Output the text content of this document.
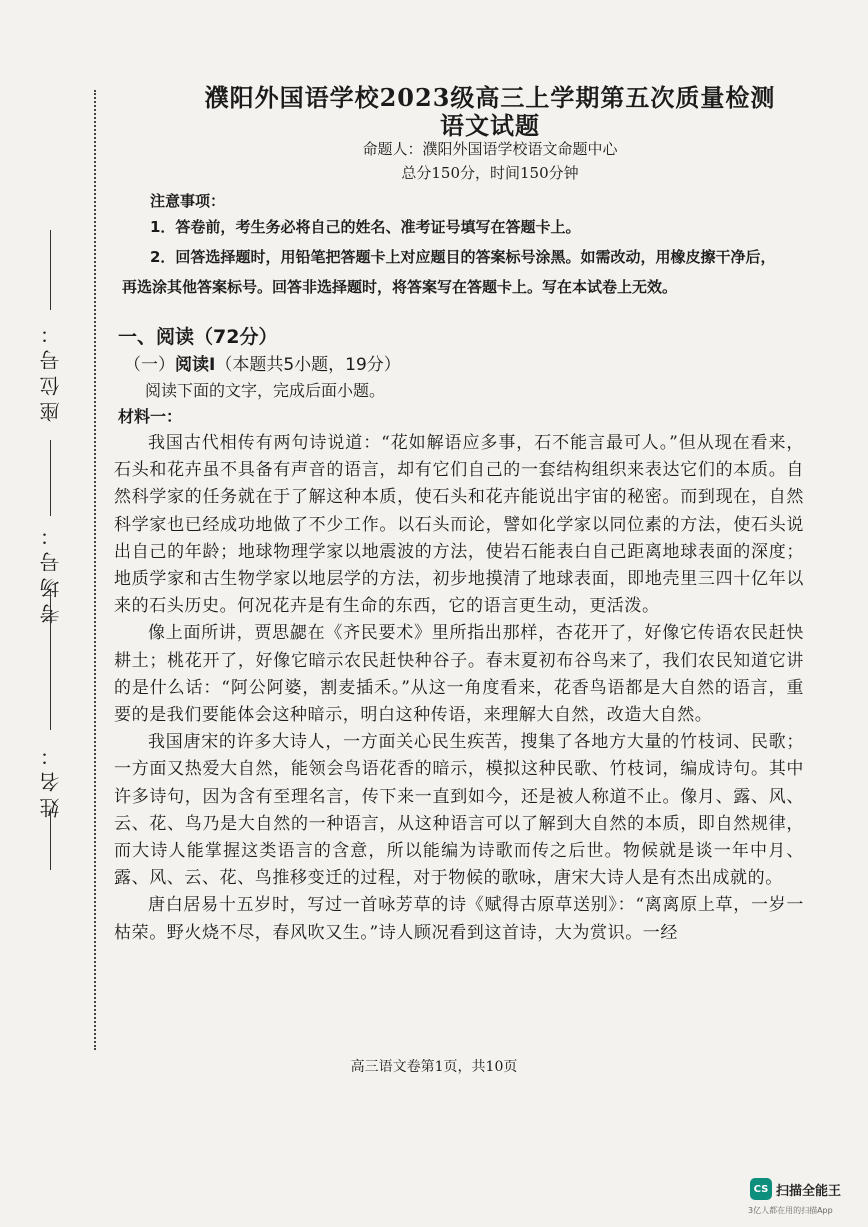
座位号：
考场号：
姓名：
濮阳外国语学校2023级高三上学期第五次质量检测
语文试题
命题人：濮阳外国语学校语文命题中心
总分150分，时间150分钟
注意事项：
1．答卷前，考生务必将自己的姓名、准考证号填写在答题卡上。
2．回答选择题时，用铅笔把答题卡上对应题目的答案标号涂黑。如需改动，用橡皮擦干净后，再选涂其他答案标号。回答非选择题时，将答案写在答题卡上。写在本试卷上无效。
一、阅读（72分）
（一）阅读Ⅰ（本题共5小题，19分）
阅读下面的文字，完成后面小题。
材料一：

我国古代相传有两句诗说道：“花如解语应多事，石不能言最可人。”但从现在看来，石头和花卉虽不具备有声音的语言，却有它们自己的一套结构组织来表达它们的本质。自然科学家的任务就在于了解这种本质，使石头和花卉能说出宇宙的秘密。而到现在，自然科学家也已经成功地做了不少工作。以石头而论，譬如化学家以同位素的方法，使石头说出自己的年龄；地球物理学家以地震波的方法，使岩石能表白自己距离地球表面的深度；地质学家和古生物学家以地层学的方法，初步地摸清了地球表面，即地壳里三四十亿年以来的石头历史。何况花卉是有生命的东西，它的语言更生动，更活泼。

像上面所讲，贾思勰在《齐民要术》里所指出那样，杏花开了，好像它传语农民赶快耕土；桃花开了，好像它暗示农民赶快种谷子。春末夏初布谷鸟来了，我们农民知道它讲的是什么话：“阿公阿婆，割麦插禾。”从这一角度看来，花香鸟语都是大自然的语言，重要的是我们要能体会这种暗示，明白这种传语，来理解大自然，改造大自然。

我国唐宋的许多大诗人，一方面关心民生疾苦，搜集了各地方大量的竹枝词、民歌；一方面又热爱大自然，能领会鸟语花香的暗示，模拟这种民歌、竹枝词，编成诗句。其中许多诗句，因为含有至理名言，传下来一直到如今，还是被人称道不止。像月、露、风、云、花、鸟乃是大自然的一种语言，从这种语言可以了解到大自然的本质，即自然规律，而大诗人能掌握这类语言的含意，所以能编为诗歌而传之后世。物候就是谈一年中月、露、风、云、花、鸟推移变迁的过程，对于物候的歌咏，唐宋大诗人是有杰出成就的。

唐白居易十五岁时，写过一首咏芳草的诗《赋得古原草送别》：“离离原上草，一岁一枯荣。野火烧不尽，春风吹又生。”诗人顾况看到这首诗，大为赏识。一经

高三语文卷第1页，共10页
CS 扫描全能王
3亿人都在用的扫描App
